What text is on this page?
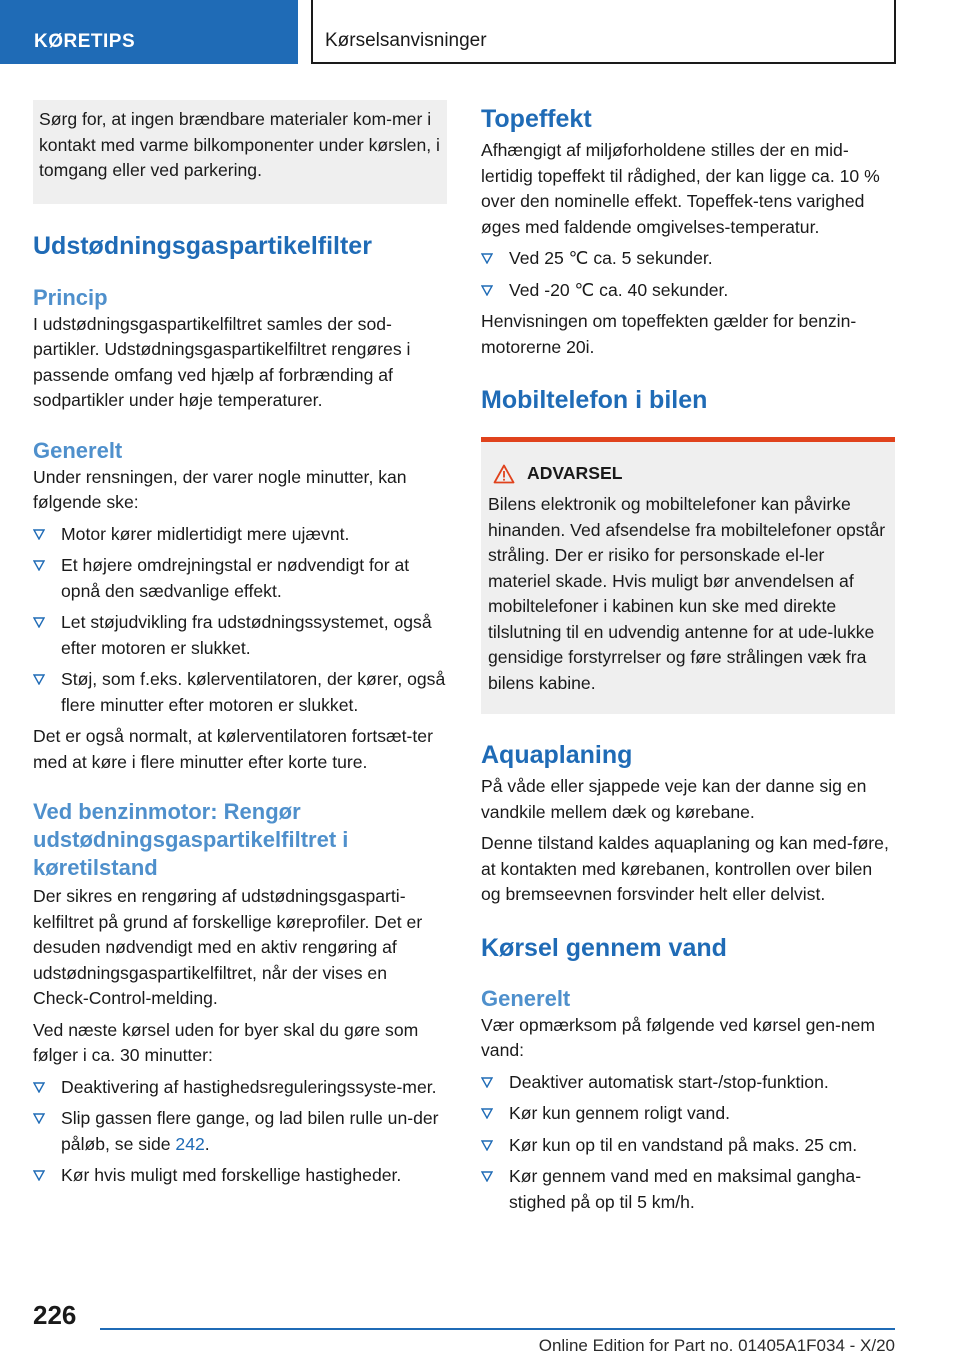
KØRETIPS	Kørselsanvisninger

Sørg for, at ingen brændbare materialer kom-mer i kontakt med varme bilkomponenter under kørslen, i tomgang eller ved parkering.

Udstødningsgaspartikelfilter
Princip

I udstødningsgaspartikelfiltret samles der sod-partikler. Udstødningsgaspartikelfiltret rengøres i passende omfang ved hjælp af forbrænding af sodpartikler under høje temperaturer.

Generelt

Under rensningen, der varer nogle minutter, kan følgende ske:

Motor kører midlertidigt mere ujævnt.
Et højere omdrejningstal er nødvendigt for at opnå den sædvanlige effekt.
Let støjudvikling fra udstødningssystemet, også efter motoren er slukket.
Støj, som f.eks. kølerventilatoren, der kører, også flere minutter efter motoren er slukket.

Det er også normalt, at kølerventilatoren fortsæt-ter med at køre i flere minutter efter korte ture.

Ved benzinmotor: Rengør udstødningsgaspartikelfiltret i køretilstand

Der sikres en rengøring af udstødningsgasparti-kelfiltret på grund af forskellige køreprofiler. Det er desuden nødvendigt med en aktiv rengøring af udstødningsgaspartikelfiltret, når der vises en Check-Control-melding.

Ved næste kørsel uden for byer skal du gøre som følger i ca. 30 minutter:

Deaktivering af hastighedsreguleringssyste-mer.
Slip gassen flere gange, og lad bilen rulle un-der påløb, se side 242.
Kør hvis muligt med forskellige hastigheder.
Topeffekt

Afhængigt af miljøforholdene stilles der en mid-lertidig topeffekt til rådighed, der kan ligge ca. 10 % over den nominelle effekt. Topeffek-tens varighed øges med faldende omgivelses-temperatur.

Ved 25 ℃ ca. 5 sekunder.
Ved -20 ℃ ca. 40 sekunder.

Henvisningen om topeffekten gælder for benzin-motorerne 20i.

Mobiltelefon i bilen
ADVARSEL

Bilens elektronik og mobiltelefoner kan påvirke hinanden. Ved afsendelse fra mobiltelefoner opstår stråling. Der er risiko for personskade el-ler materiel skade. Hvis muligt bør anvendelsen af mobiltelefoner i kabinen kun ske med direkte tilslutning til en udvendig antenne for at ude-lukke gensidige forstyrrelser og føre strålingen væk fra bilens kabine.

Aquaplaning

På våde eller sjappede veje kan der danne sig en vandkile mellem dæk og kørebane.

Denne tilstand kaldes aquaplaning og kan med-føre, at kontakten med kørebanen, kontrollen over bilen og bremseevnen forsvinder helt eller delvist.

Kørsel gennem vand
Generelt

Vær opmærksom på følgende ved kørsel gen-nem vand:

Deaktiver automatisk start-/stop-funktion.
Kør kun gennem roligt vand.
Kør kun op til en vandstand på maks. 25 cm.
Kør gennem vand med en maksimal gangha-stighed på op til 5 km/h.
226
Online Edition for Part no. 01405A1F034 - X/20
